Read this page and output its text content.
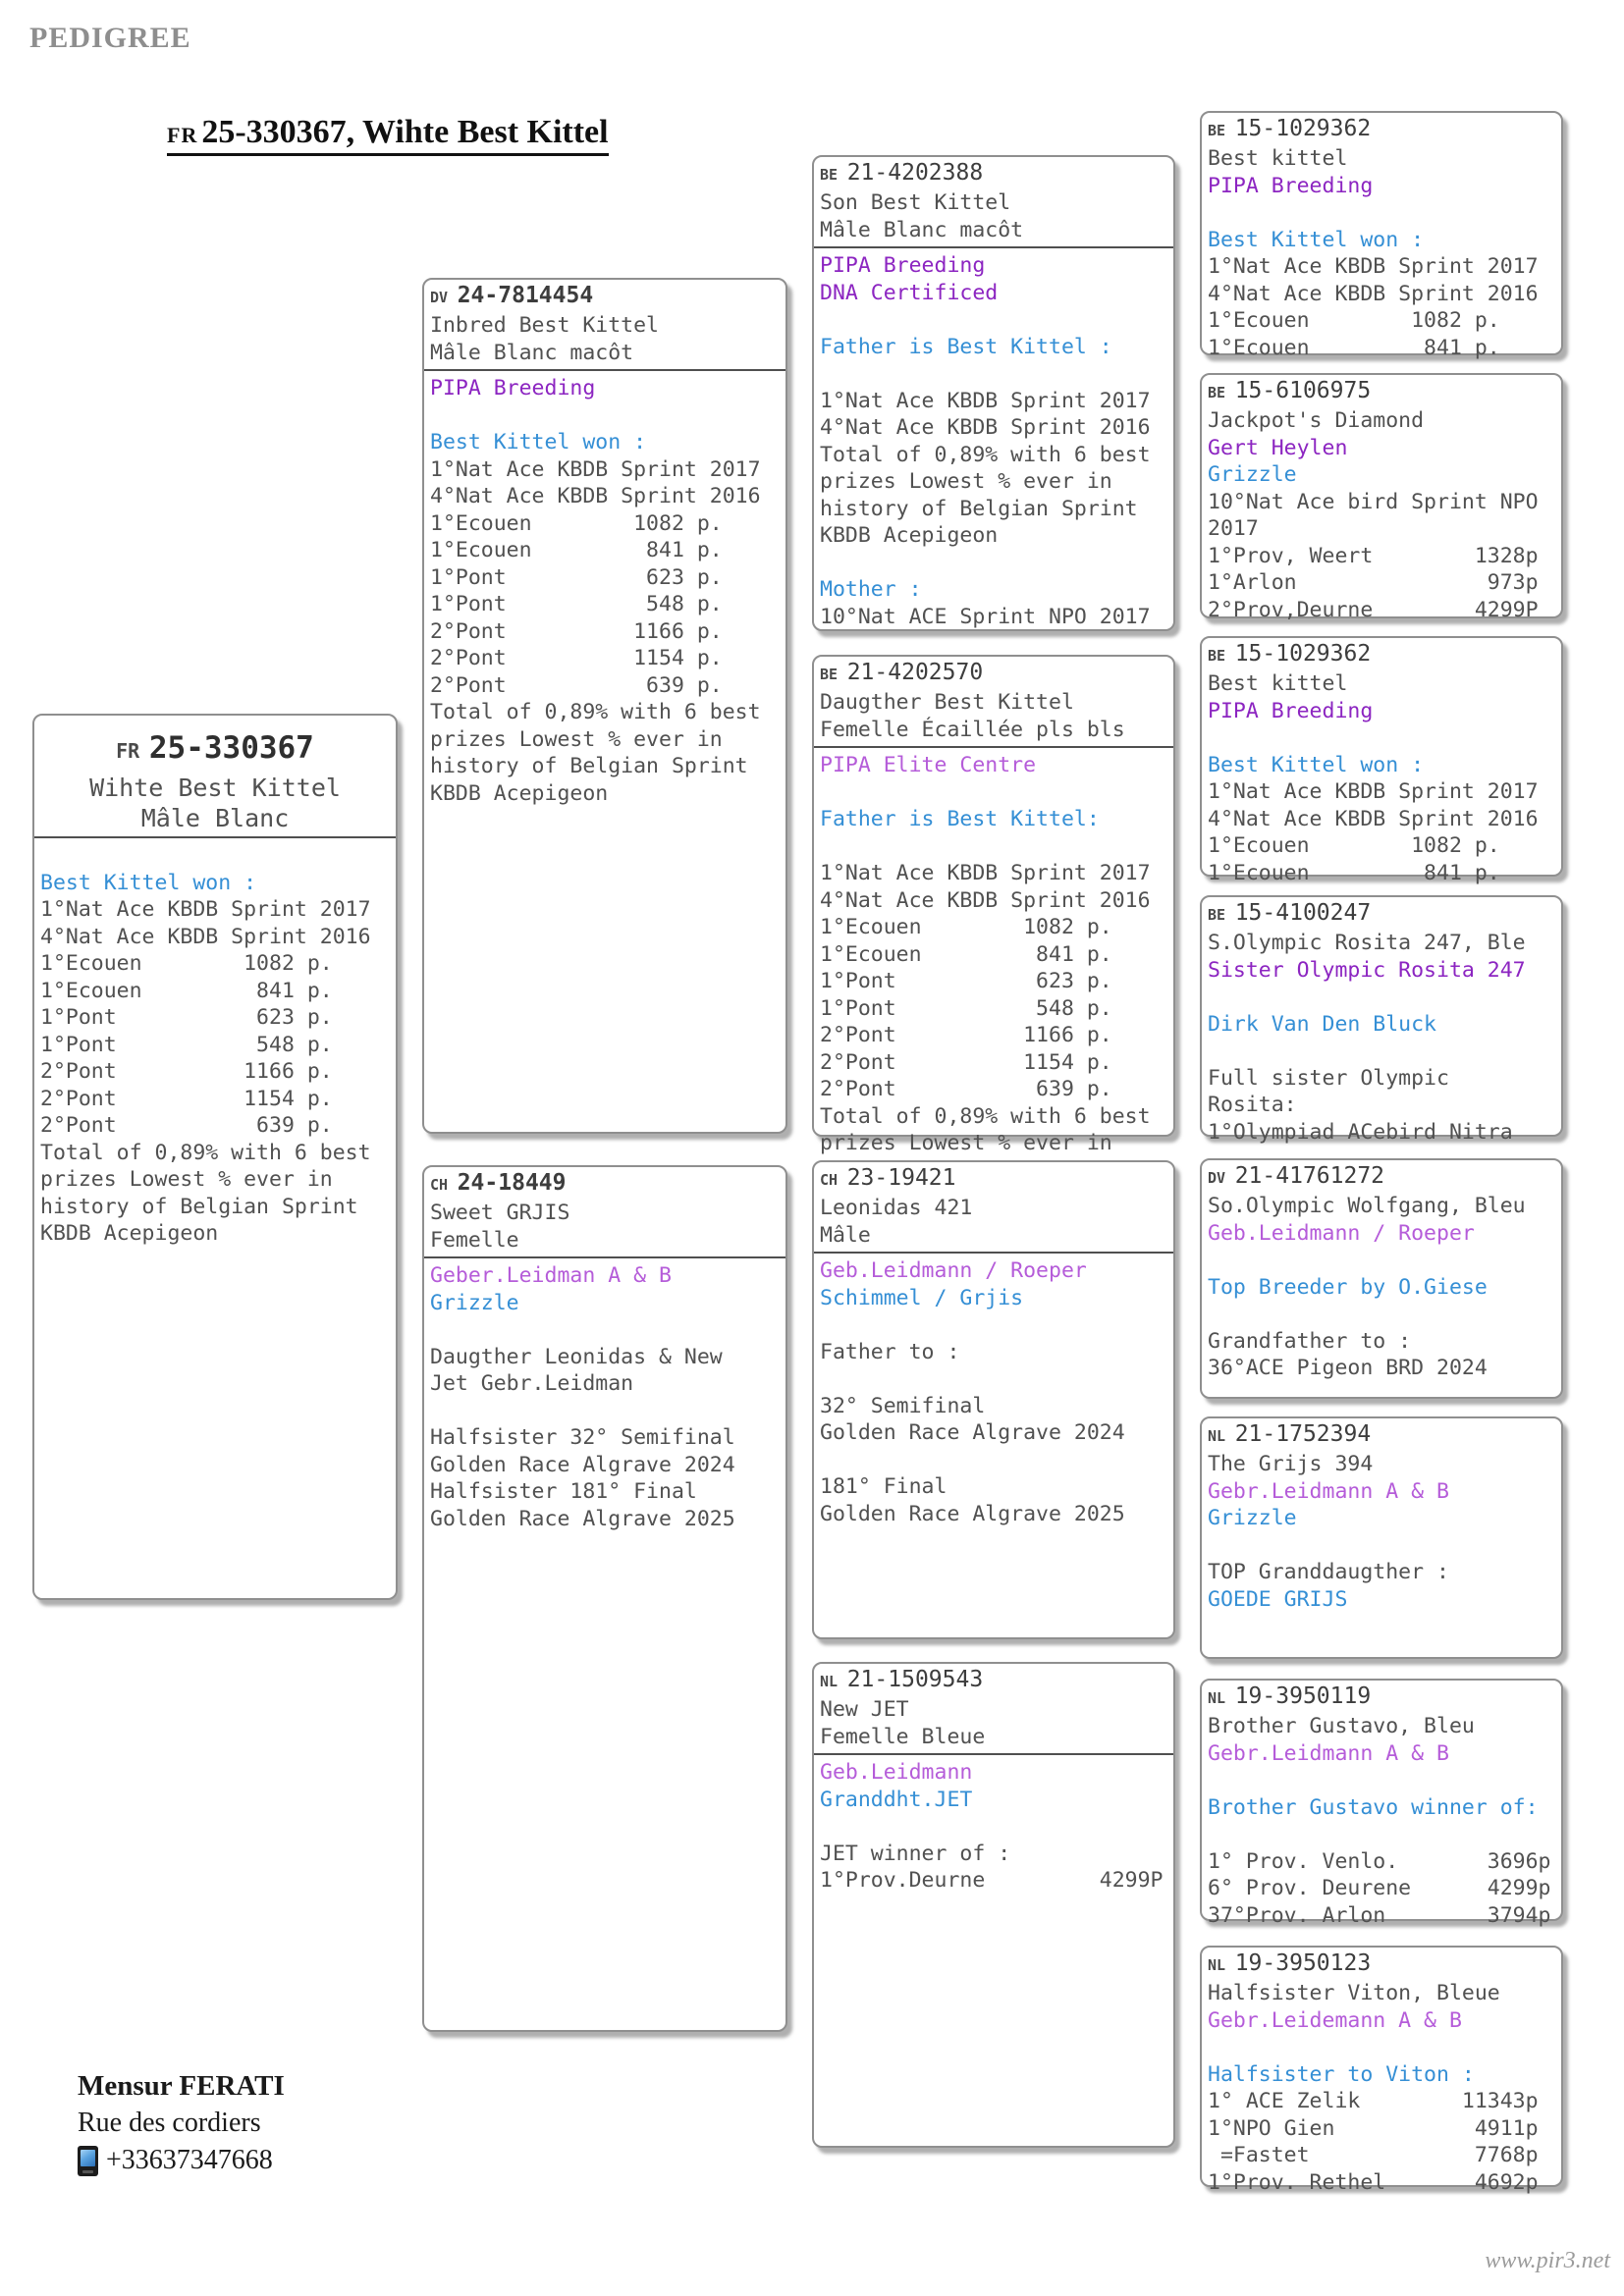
PEDIGREE
FR 25-330367, Wihte Best Kittel
FR 25-330367
Wihte Best Kittel
Mâle Blanc
Best Kittel won :
1°Nat Ace KBDB Sprint 2017
4°Nat Ace KBDB Sprint 2016
1°Ecouen        1082 p.
1°Ecouen         841 p.
1°Pont           623 p.
1°Pont           548 p.
2°Pont          1166 p.
2°Pont          1154 p.
2°Pont           639 p.
Total of 0,89% with 6 best
prizes Lowest % ever in
history of Belgian Sprint
KBDB Acepigeon
DV 24-7814454
Inbred Best Kittel
Mâle Blanc macôt
PIPA Breeding
Best Kittel won :
1°Nat Ace KBDB Sprint 2017
4°Nat Ace KBDB Sprint 2016
1°Ecouen        1082 p.
1°Ecouen         841 p.
1°Pont           623 p.
1°Pont           548 p.
2°Pont          1166 p.
2°Pont          1154 p.
2°Pont           639 p.
Total of 0,89% with 6 best
prizes Lowest % ever in
history of Belgian Sprint
KBDB Acepigeon
CH 24-18449
Sweet GRJIS
Femelle
Geber.Leidman A & B
Grizzle
Daugther Leonidas & New
Jet Gebr.Leidman
Halfsister 32° Semifinal
Golden Race Algrave 2024
Halfsister 181° Final
Golden Race Algrave 2025
BE 21-4202388
Son Best Kittel
Mâle Blanc macôt
PIPA Breeding
DNA Certificed
Father is Best Kittel :
1°Nat Ace KBDB Sprint 2017
4°Nat Ace KBDB Sprint 2016
Total of 0,89% with 6 best
prizes Lowest % ever in
history of Belgian Sprint
KBDB Acepigeon
Mother :
10°Nat ACE Sprint NPO 2017
BE 21-4202570
Daugther Best Kittel
Femelle Écaillée pls bls
PIPA Elite Centre
Father is Best Kittel:
1°Nat Ace KBDB Sprint 2017
4°Nat Ace KBDB Sprint 2016
1°Ecouen        1082 p.
1°Ecouen         841 p.
1°Pont           623 p.
1°Pont           548 p.
2°Pont          1166 p.
2°Pont          1154 p.
2°Pont           639 p.
Total of 0,89% with 6 best
prizes Lowest % ever in
CH 23-19421
Leonidas 421
Mâle
Geb.Leidmann / Roeper
Schimmel / Grjis
Father to :
32° Semifinal
Golden Race Algrave 2024
181° Final
Golden Race Algrave 2025
NL 21-1509543
New JET
Femelle Bleue
Geb.Leidmann
Granddht.JET
JET winner of :
1°Prov.Deurne         4299P
BE 15-1029362
Best kittel
PIPA Breeding
Best Kittel won :
1°Nat Ace KBDB Sprint 2017
4°Nat Ace KBDB Sprint 2016
1°Ecouen        1082 p.
1°Ecouen         841 p.
BE 15-6106975
Jackpot's Diamond
Gert Heylen
Grizzle
10°Nat Ace bird Sprint NPO
2017
1°Prov, Weert        1328p
1°Arlon               973p
2°Prov,Deurne        4299P
BE 15-1029362
Best kittel
PIPA Breeding
Best Kittel won :
1°Nat Ace KBDB Sprint 2017
4°Nat Ace KBDB Sprint 2016
1°Ecouen        1082 p.
1°Ecouen         841 p.
BE 15-4100247
S.Olympic Rosita 247, Ble
Sister Olympic Rosita 247
Dirk Van Den Bluck
Full sister Olympic
Rosita:
1°Olympiad ACebird Nitra
DV 21-41761272
So.Olympic Wolfgang, Bleu
Geb.Leidmann / Roeper
Top Breeder by O.Giese
Grandfather to :
36°ACE Pigeon BRD 2024
NL 21-1752394
The Grijs 394
Gebr.Leidmann A & B
Grizzle
TOP Granddaugther :
GOEDE GRIJS
NL 19-3950119
Brother Gustavo, Bleu
Gebr.Leidmann A & B
Brother Gustavo winner of:
1° Prov. Venlo.       3696p
6° Prov. Deurene      4299p
37°Prov. Arlon        3794p
NL 19-3950123
Halfsister Viton, Bleue
Gebr.Leidemann A & B
Halfsister to Viton :
1° ACE Zelik        11343p
1°NPO Gien           4911p
=Fastet             7768p
1°Prov. Rethel       4692p
Mensur FERATI
Rue des cordiers
+33637347668
www.pir3.net
